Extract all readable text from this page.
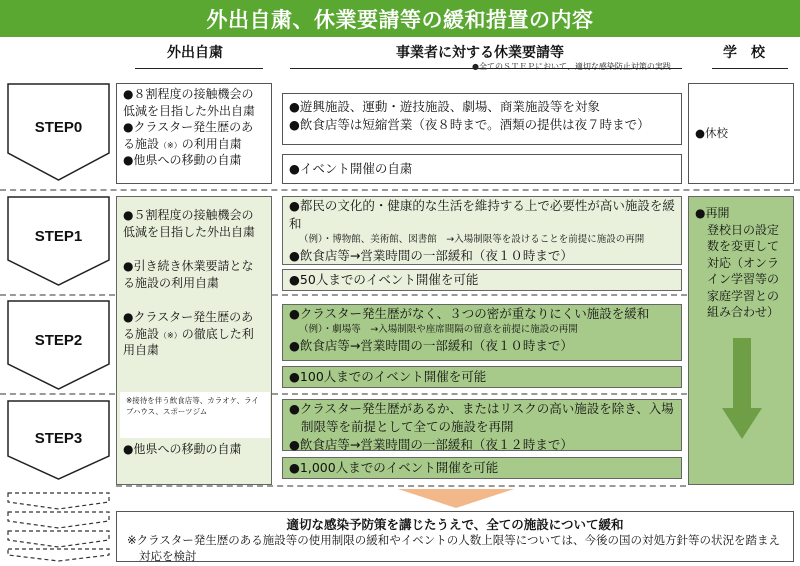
外出自粛、休業要請等の緩和措置の内容
外出自粛	事業者に対する休業要請等
●全てのＳＴＥＰにおいて、適切な感染防止対策の実践
学　校
STEP0
STEP1
STEP2
STEP3
●８割程度の接触機会の低減を目指した外出自粛
●クラスター発生歴のある施設（※）の利用自粛
●他県への移動の自粛
●遊興施設、運動・遊技施設、劇場、商業施設等を対象
●飲食店等は短縮営業（夜８時まで。酒類の提供は夜７時まで）
●イベント開催の自粛
●休校
●５割程度の接触機会の低減を目指した外出自粛
●引き続き休業要請となる施設の利用自粛
●クラスター発生歴のある施設（※）の徹底した利用自粛
●他県への移動の自粛
※接待を伴う飲食店等、カラオケ、ライブハウス、スポーツジム
●都民の文化的・健康的な生活を維持する上で必要性が高い施設を緩和
（例）・博物館、美術館、図書館　→入場制限等を設けることを前提に施設の再開
●飲食店等→営業時間の一部緩和（夜１０時まで）
●50人までのイベント開催を可能
●再開
登校日の設定数を変更して対応（オンライン学習等の家庭学習との組み合わせ）
●クラスター発生歴がなく、３つの密が重なりにくい施設を緩和
（例）・劇場等　→入場制限や座席間隔の留意を前提に施設の再開
●飲食店等→営業時間の一部緩和（夜１０時まで）
●100人までのイベント開催を可能
●クラスター発生歴があるか、またはリスクの高い施設を除き、入場制限等を前提として全ての施設を再開
●飲食店等→営業時間の一部緩和（夜１２時まで）
●1,000人までのイベント開催を可能
適切な感染予防策を講じたうえで、全ての施設について緩和
※クラスター発生歴のある施設等の使用制限の緩和やイベントの人数上限等については、今後の国の対処方針等の状況を踏まえ対応を検討
